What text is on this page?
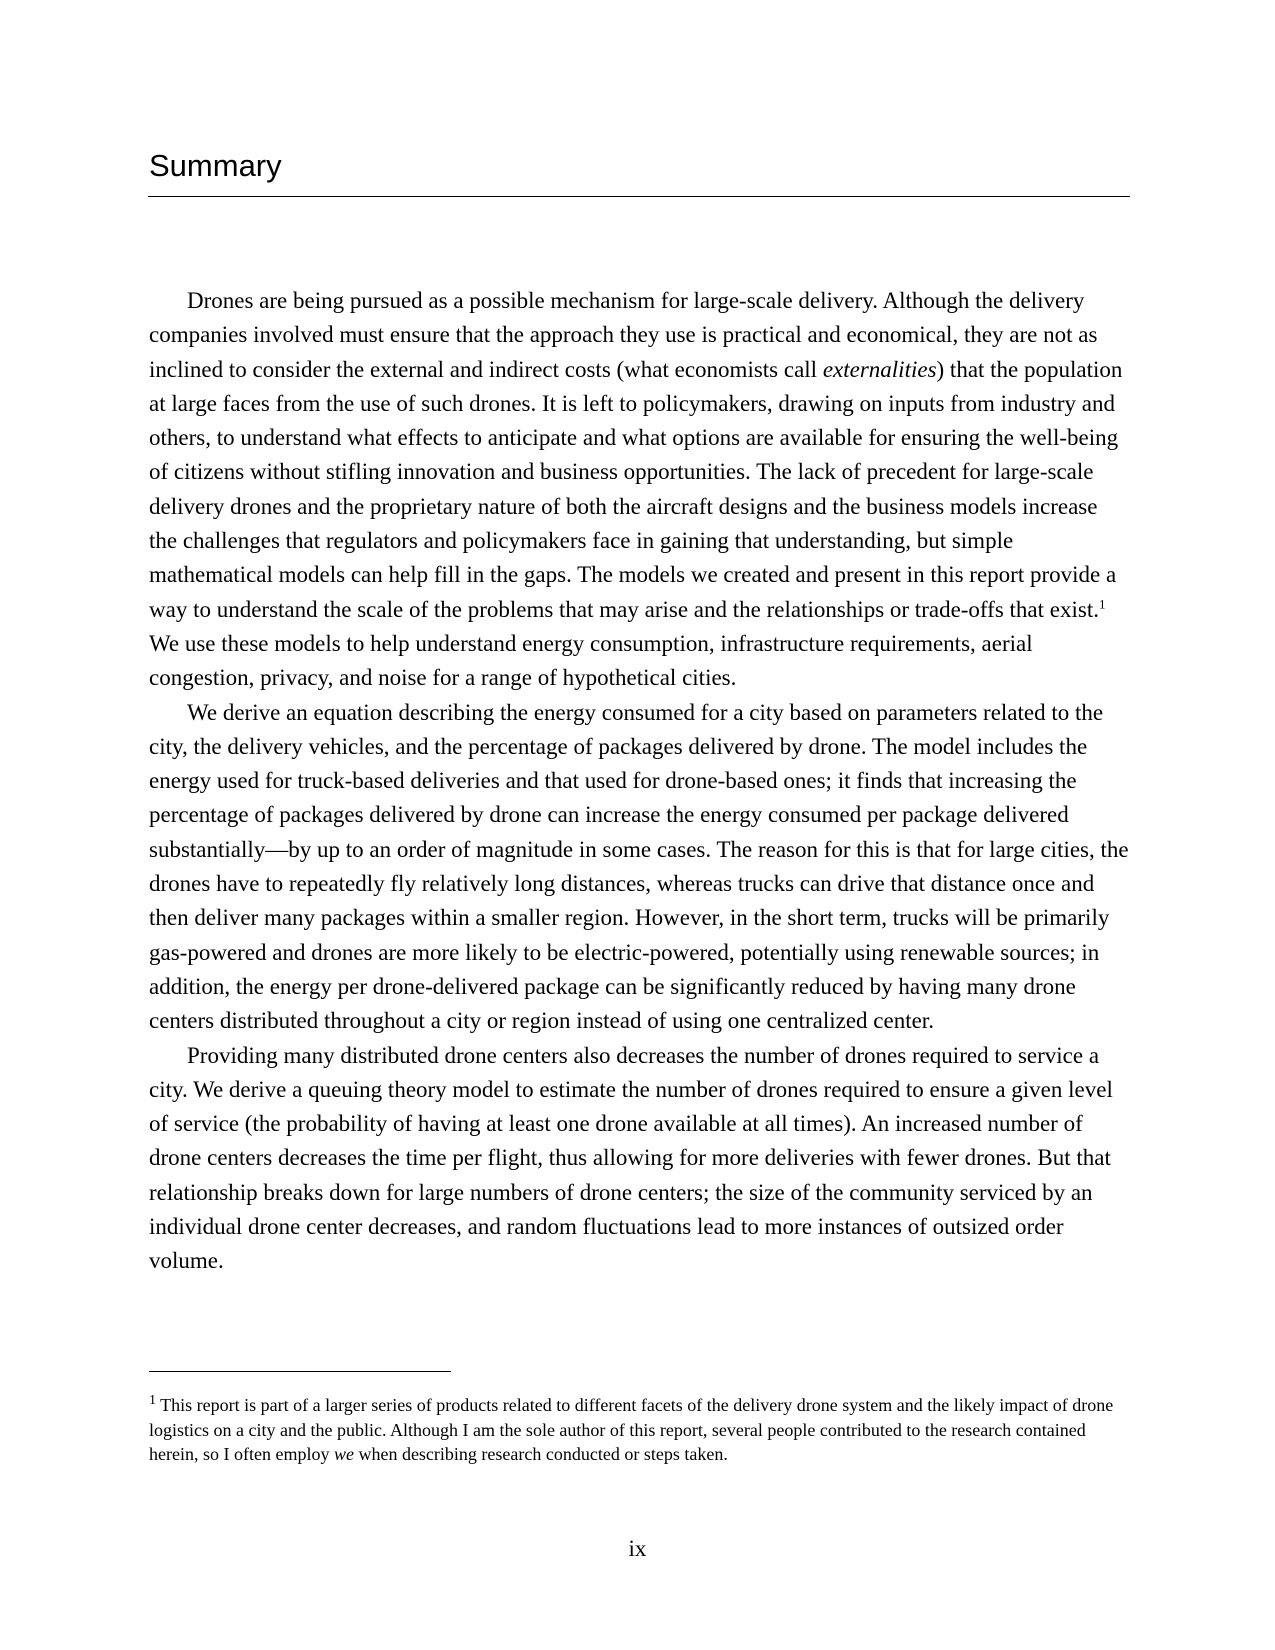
Summary

Drones are being pursued as a possible mechanism for large-scale delivery. Although the delivery companies involved must ensure that the approach they use is practical and economical, they are not as inclined to consider the external and indirect costs (what economists call externalities) that the population at large faces from the use of such drones. It is left to policymakers, drawing on inputs from industry and others, to understand what effects to anticipate and what options are available for ensuring the well-being of citizens without stifling innovation and business opportunities. The lack of precedent for large-scale delivery drones and the proprietary nature of both the aircraft designs and the business models increase the challenges that regulators and policymakers face in gaining that understanding, but simple mathematical models can help fill in the gaps. The models we created and present in this report provide a way to understand the scale of the problems that may arise and the relationships or trade-offs that exist.$^1$ We use these models to help understand energy consumption, infrastructure requirements, aerial congestion, privacy, and noise for a range of hypothetical cities.

We derive an equation describing the energy consumed for a city based on parameters related to the city, the delivery vehicles, and the percentage of packages delivered by drone. The model includes the energy used for truck-based deliveries and that used for drone-based ones; it finds that increasing the percentage of packages delivered by drone can increase the energy consumed per package delivered substantially—by up to an order of magnitude in some cases. The reason for this is that for large cities, the drones have to repeatedly fly relatively long distances, whereas trucks can drive that distance once and then deliver many packages within a smaller region. However, in the short term, trucks will be primarily gas-powered and drones are more likely to be electric-powered, potentially using renewable sources; in addition, the energy per drone-delivered package can be significantly reduced by having many drone centers distributed throughout a city or region instead of using one centralized center.

Providing many distributed drone centers also decreases the number of drones required to service a city. We derive a queuing theory model to estimate the number of drones required to ensure a given level of service (the probability of having at least one drone available at all times). An increased number of drone centers decreases the time per flight, thus allowing for more deliveries with fewer drones. But that relationship breaks down for large numbers of drone centers; the size of the community serviced by an individual drone center decreases, and random fluctuations lead to more instances of outsized order volume.

$^1$ This report is part of a larger series of products related to different facets of the delivery drone system and the likely impact of drone logistics on a city and the public. Although I am the sole author of this report, several people contributed to the research contained herein, so I often employ we when describing research conducted or steps taken.

ix
